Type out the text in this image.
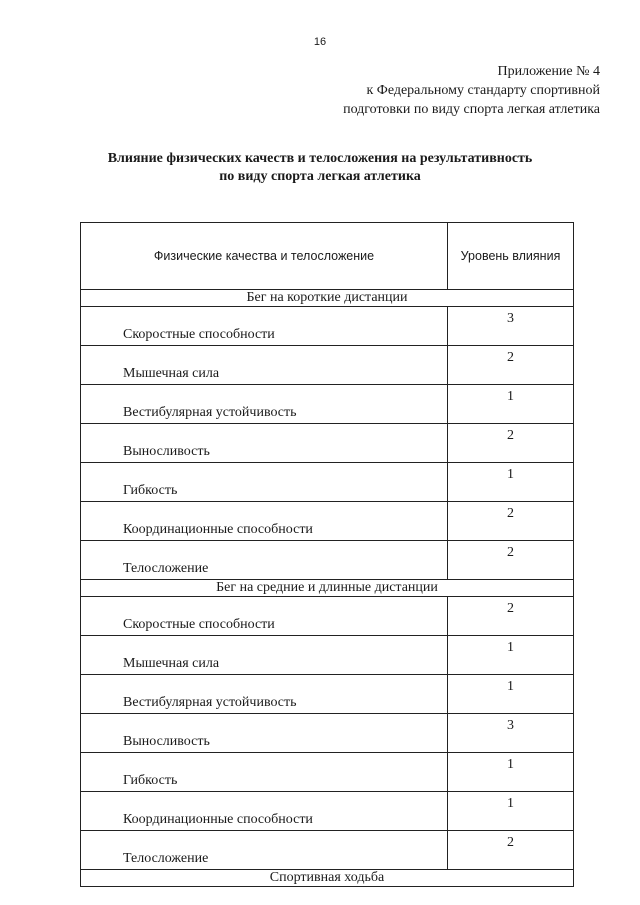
16
Приложение № 4
к Федеральному стандарту спортивной
подготовки по виду спорта легкая атлетика
Влияние физических качеств и телосложения на результативность
по виду спорта легкая атлетика
Физические качества и телосложение	Уровень влияния
Бег на короткие дистанции	
Скоростные способности	3
Мышечная сила	2
Вестибулярная устойчивость	1
Выносливость	2
Гибкость	1
Координационные способности	2
Телосложение	2
Бег на средние и длинные дистанции	
Скоростные способности	2
Мышечная сила	1
Вестибулярная устойчивость	1
Выносливость	3
Гибкость	1
Координационные способности	1
Телосложение	2
Спортивная ходьба	
